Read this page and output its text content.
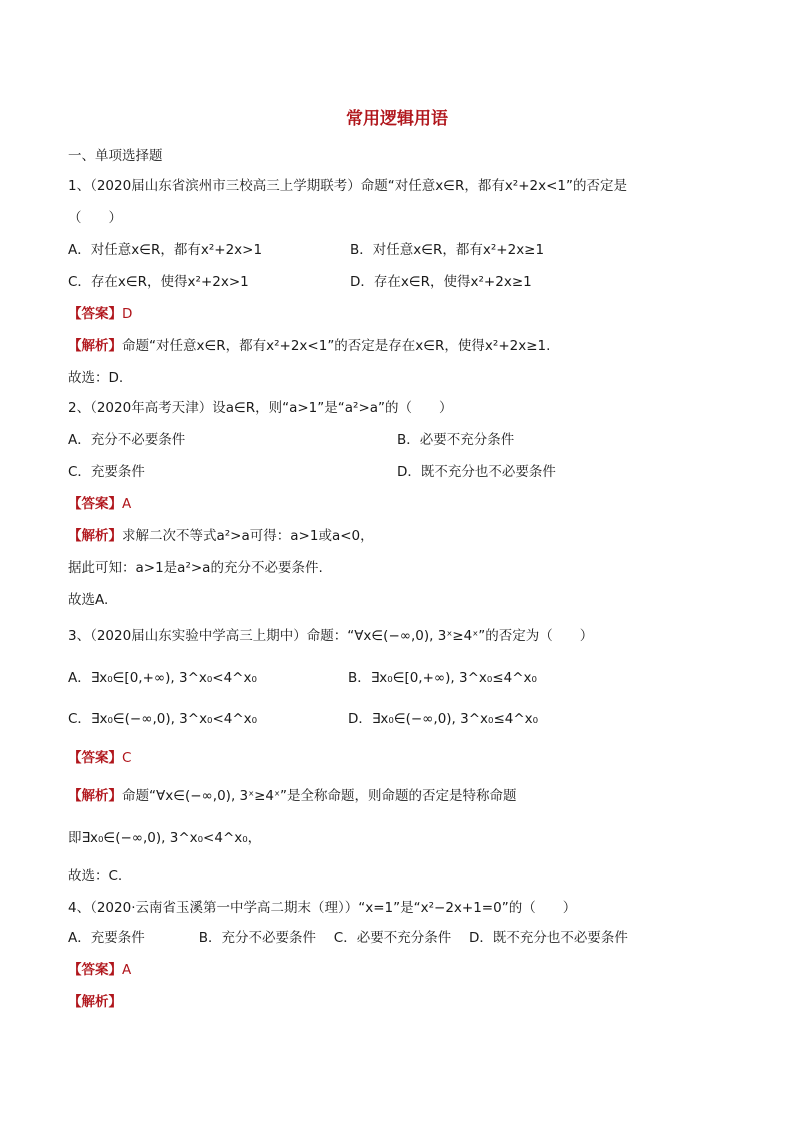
常用逻辑用语
一、单项选择题
1、（2020届山东省滨州市三校高三上学期联考）命题“对任意x∈R，都有x²+2x<1”的否定是
（　　）
A．对任意x∈R，都有x²+2x>1	B．对任意x∈R，都有x²+2x≥1
C．存在x∈R，使得x²+2x>1	D．存在x∈R，使得x²+2x≥1
【答案】D
【解析】命题“对任意x∈R，都有x²+2x<1”的否定是存在x∈R，使得x²+2x≥1.
故选：D.
2、（2020年高考天津）设a∈R，则“a>1”是“a²>a”的（　　）
A．充分不必要条件	B．必要不充分条件
C．充要条件	D．既不充分也不必要条件
【答案】A
【解析】求解二次不等式a²>a可得：a>1或a<0，
据此可知：a>1是a²>a的充分不必要条件.
故选A.
3、（2020届山东实验中学高三上期中）命题：“∀x∈(−∞,0), 3ˣ≥4ˣ”的否定为（　　）
A．∃x₀∈[0,+∞), 3^x₀<4^x₀	B．∃x₀∈[0,+∞), 3^x₀≤4^x₀
C．∃x₀∈(−∞,0), 3^x₀<4^x₀	D．∃x₀∈(−∞,0), 3^x₀≤4^x₀
【答案】C
【解析】命题“∀x∈(−∞,0), 3ˣ≥4ˣ”是全称命题，则命题的否定是特称命题
即∃x₀∈(−∞,0), 3^x₀<4^x₀，
故选：C.
4、（2020·云南省玉溪第一中学高二期末（理））“x=1”是“x²−2x+1=0”的（　　）
A．充要条件　　　　B．充分不必要条件　 C．必要不充分条件　 D．既不充分也不必要条件
【答案】A
【解析】
